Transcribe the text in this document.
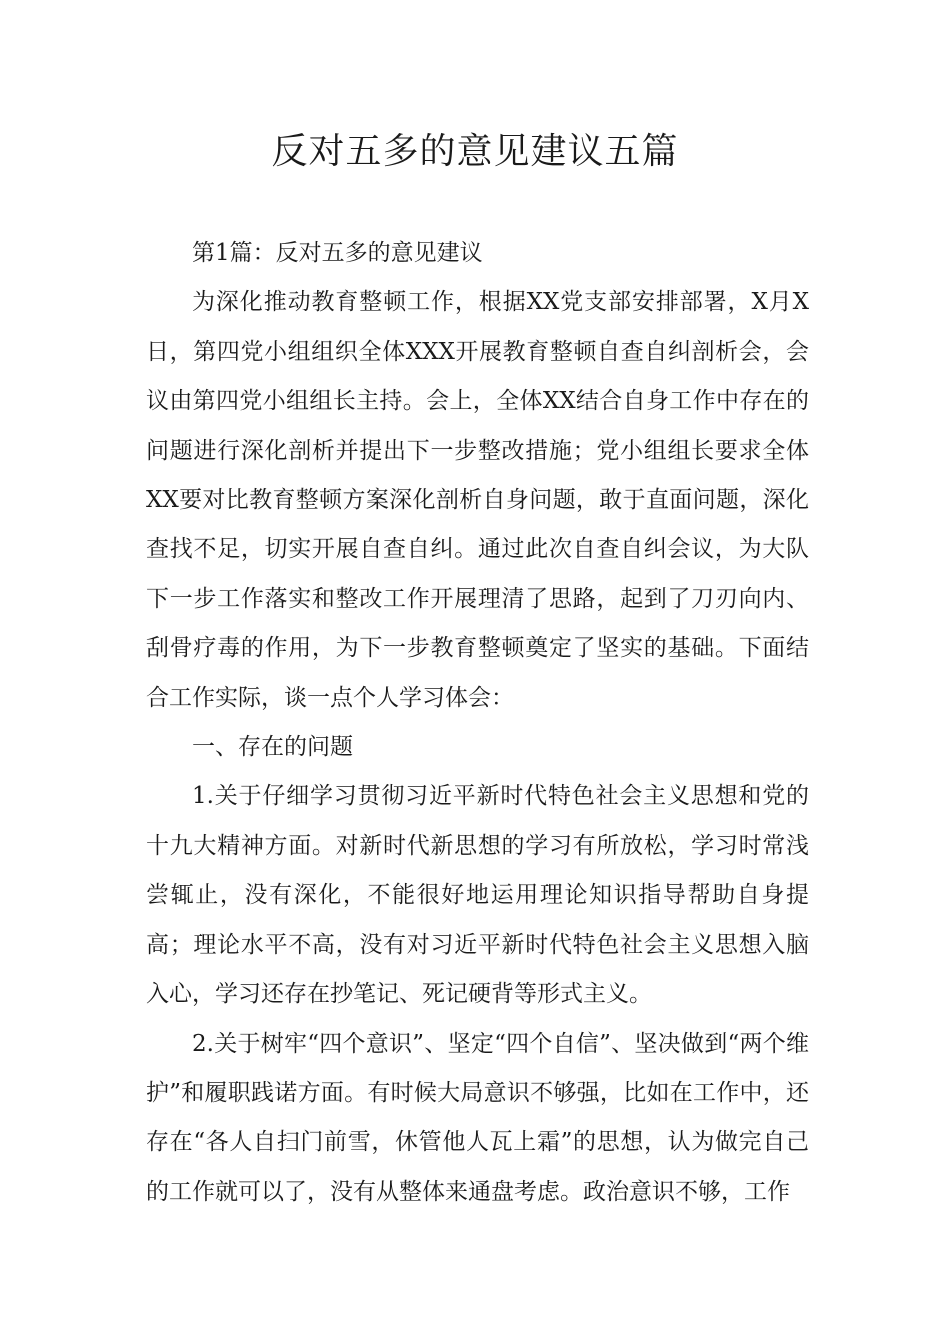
反对五多的意见建议五篇

第1篇：反对五多的意见建议

为深化推动教育整顿工作，根据XX党支部安排部署，X月X日，第四党小组组织全体XXX开展教育整顿自查自纠剖析会，会议由第四党小组组长主持。会上，全体XX结合自身工作中存在的问题进行深化剖析并提出下一步整改措施；党小组组长要求全体XX要对比教育整顿方案深化剖析自身问题，敢于直面问题，深化查找不足，切实开展自查自纠。通过此次自查自纠会议，为大队下一步工作落实和整改工作开展理清了思路，起到了刀刃向内、刮骨疗毒的作用，为下一步教育整顿奠定了坚实的基础。下面结合工作实际，谈一点个人学习体会：

一、存在的问题

1.关于仔细学习贯彻习近平新时代特色社会主义思想和党的十九大精神方面。对新时代新思想的学习有所放松，学习时常浅尝辄止，没有深化，不能很好地运用理论知识指导帮助自身提高；理论水平不高，没有对习近平新时代特色社会主义思想入脑入心，学习还存在抄笔记、死记硬背等形式主义。

2.关于树牢“四个意识”、坚定“四个自信”、坚决做到“两个维护”和履职践诺方面。有时候大局意识不够强，比如在工作中，还存在“各人自扫门前雪，休管他人瓦上霜”的思想，认为做完自己的工作就可以了，没有从整体来通盘考虑。政治意识不够，工作
